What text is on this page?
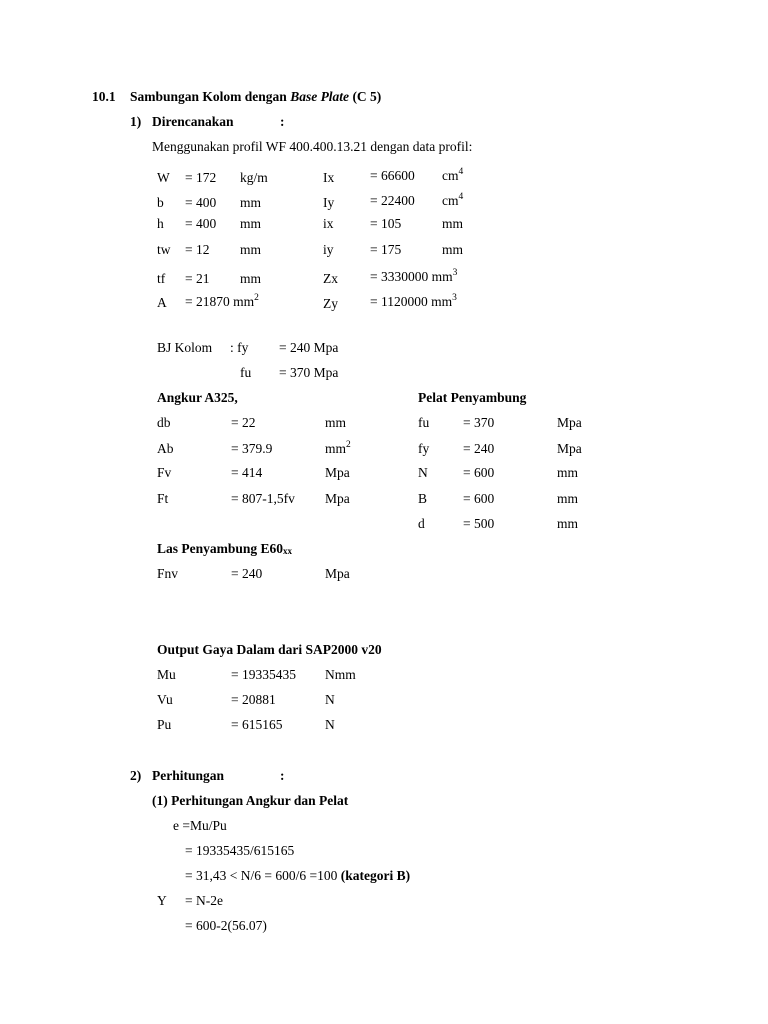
10.1 Sambungan Kolom dengan Base Plate (C 5)
1) Direncanakan	:
Menggunakan profil WF 400.400.13.21 dengan data profil:
W = 172 kg/m	Ix	= 66600 $cm^4$
b = 400 mm	Iy	= 22400 $cm^4$
h = 400 mm	ix	= 105	mm
tw = 12 mm	iy	= 175	mm
tf = 21 mm	Zx = 3330000 $mm^3$
A = 21870 $mm^2$	Zy = 1120000 $mm^3$
BJ Kolom : fy = 240 Mpa
fu = 370 Mpa
Angkur A325,
db	= 22	mm
Ab	= 379.9	$mm^2$
Fv	= 414	Mpa
Ft	= 807-1,5fv Mpa
Pelat Penyambung
fu	= 370	Mpa
fy	= 240	Mpa
N	= 600	mm
B	= 600	mm
d	= 500	mm
Las Penyambung $E60_{xx}$
Fnv	= 240	Mpa
Output Gaya Dalam dari SAP2000 v20
Mu	= 19335435 Nmm
Vu	= 20881	N
Pu	= 615165	N
2) Perhitungan	:
(1) Perhitungan Angkur dan Pelat
e =Mu/Pu
= 19335435/615165
= 31,43 < N/6 = 600/6 =100 (kategori B)
Y = N-2e
= 600-2(56.07)
